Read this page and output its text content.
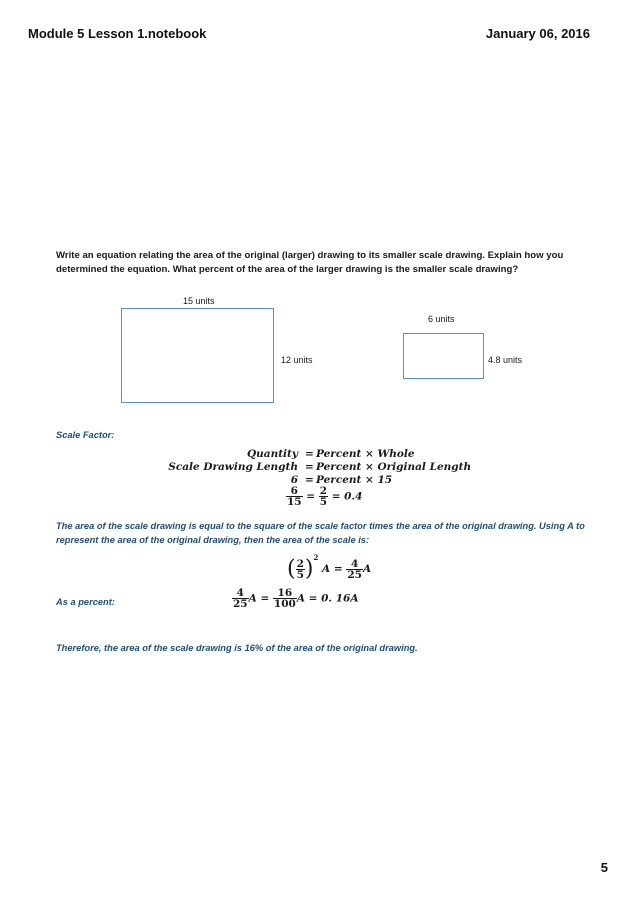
Module 5 Lesson 1.notebook	January 06, 2016
Write an equation relating the area of the original (larger) drawing to its smaller scale drawing. Explain how you determined the equation. What percent of the area of the larger drawing is the smaller scale drawing?
15 units
12 units
6 units
4.8 units
Scale Factor:
Quantity = Percent × Whole
Scale Drawing Length = Percent × Original Length
6 = Percent × 15
$\frac{6}{15} = \frac{2}{5} = 0.4$
The area of the scale drawing is equal to the square of the scale factor times the area of the original drawing. Using A to represent the area of the original drawing, then the area of the scale is:
( $\frac{2}{5} )^2$ $A = \frac{4}{25}$ A
As a percent:	$\frac{4}{25}$ $A = \frac{16}{100}$ A = 0. 16A
Therefore, the area of the scale drawing is 16% of the area of the original drawing.
5
